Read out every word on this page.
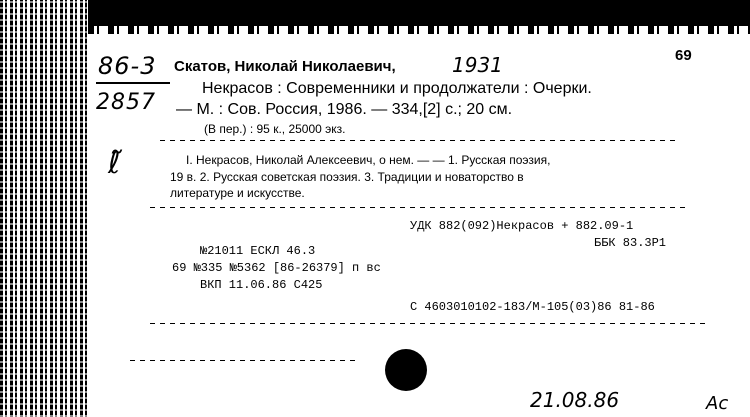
69
86-3
2857
Скатов, Николай Николаевич,	1931
Некрасов : Современники и продолжатели : Очерки.
— М. : Сов. Россия, 1986. — 334,[2] с.; 20 см.
(В пер.) : 95 к., 25000 экз.
ℓ̃	I. Некрасов, Николай Алексеевич, о нем. — — 1. Русская поэзия,
19 в. 2. Русская советская поэзия. 3. Традиции и новаторство в
литературе и искусстве.
УДК 882(092)Некрасов + 882.09-1
ББК 83.3Р1
№21011 ЕСКЛ 46.3
69 №335 №5362 [86-26379] п вс
ВКП 11.06.86 С425
С 4603010102-183/М-105(03)86 81-86
21.08.86	Ac
